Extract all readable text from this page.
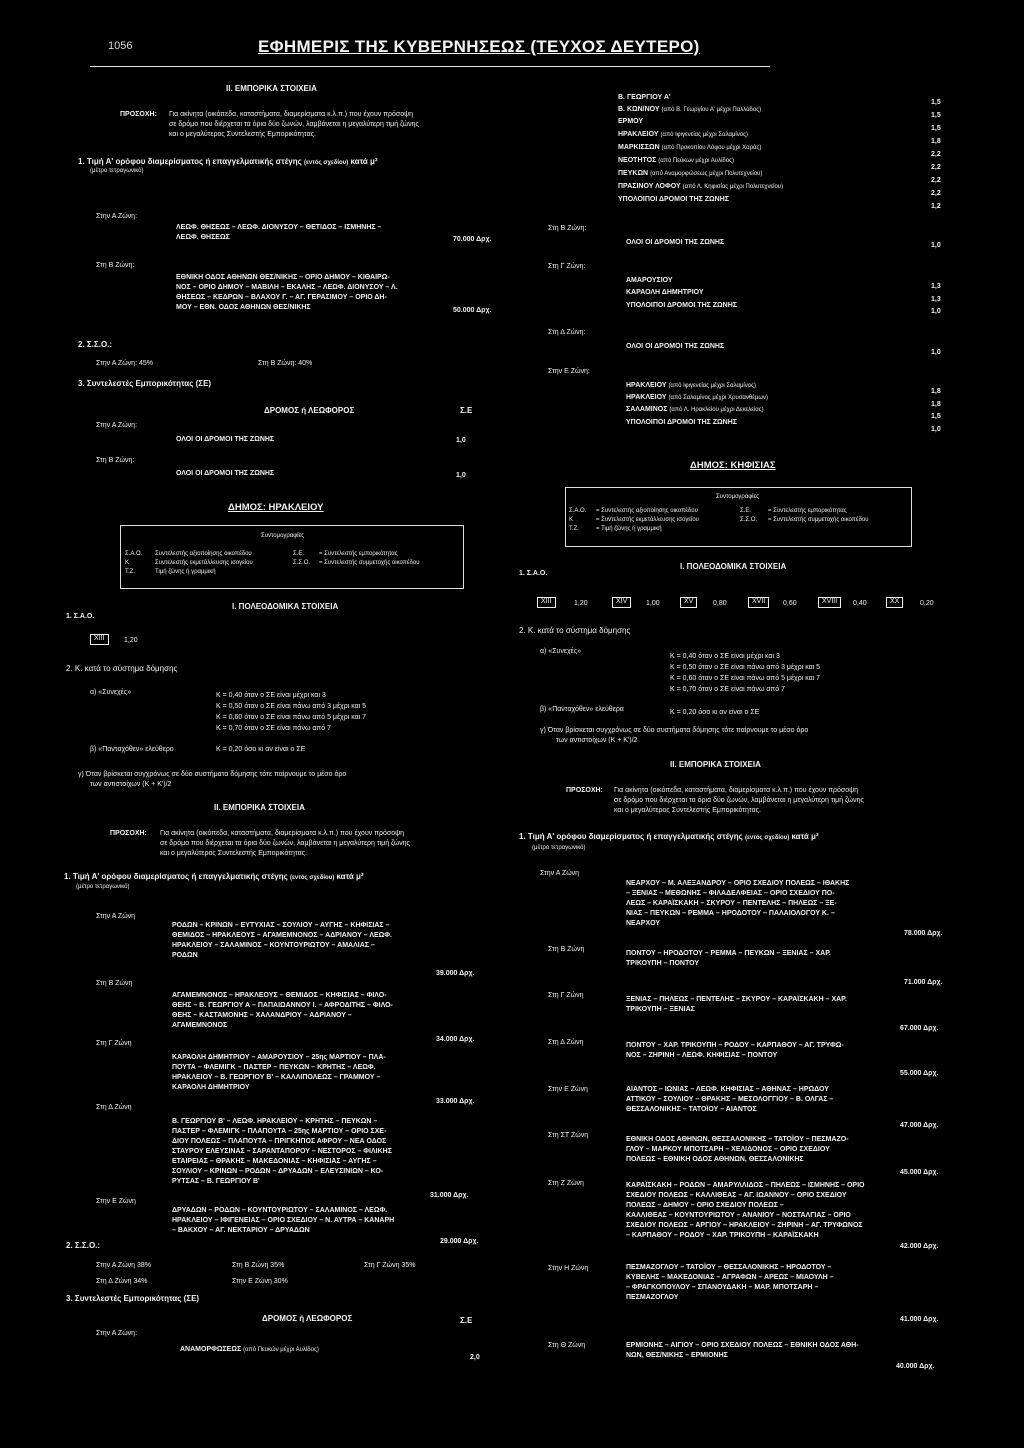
1056	ΕΦΗΜΕΡΙΣ ΤΗΣ ΚΥΒΕΡΝΗΣΕΩΣ (ΤΕΥΧΟΣ ΔΕΥΤΕΡΟ)
II. ΕΜΠΟΡΙΚΑ ΣΤΟΙΧΕΙΑ
ΠΡΟΣΟΧΗ: Για ακίνητα (οικόπεδα, καταστήματα, διαμερίσματα κ.λ.π.) που έχουν πρόσοψη
σε δρόμο που διέρχεται τα όρια δύο ζωνών, λαμβάνεται η μεγαλύτερη τιμή ζώνης
και ο μεγαλύτερος Συντελεστής Εμπορικότητας.
1. Τιμή Α' ορόφου διαμερίσματος ή επαγγελματικής στέγης (εντός σχεδίου) κατά μ²
(μέτρο τετραγωνικό)
Στην Α Ζώνη:
ΛΕΩΦ. ΘΗΣΕΩΣ – ΛΕΩΦ. ΔΙΟΝΥΣΟΥ – ΘΕΤΙΔΟΣ – ΙΣΜΗΝΗΣ –
ΛΕΩΦ. ΘΗΣΕΩΣ	70.000 Δρχ.
Στη Β Ζώνη:
ΕΘΝΙΚΗ ΟΔΟΣ ΑΘΗΝΩΝ ΘΕΣ/ΝΙΚΗΣ – ΟΡΙΟ ΔΗΜΟΥ – ΚΙΘΑΙΡΩ-
ΝΟΣ – ΟΡΙΟ ΔΗΜΟΥ – ΜΑΒΙΛΗ – ΕΚΑΛΗΣ – ΛΕΩΦ. ΔΙΟΝΥΣΟΥ – Λ.
ΘΗΣΕΩΣ – ΚΕΔΡΩΝ – ΒΛΑΧΟΥ Γ. – ΑΓ. ΓΕΡΑΣΙΜΟΥ – ΟΡΙΟ ΔΗ-
ΜΟΥ – ΕΘΝ. ΟΔΟΣ ΑΘΗΝΩΝ ΘΕΣ/ΝΙΚΗΣ	50.000 Δρχ.
2. Σ.Σ.Ο.:
Στην Α Ζώνη: 45%	Στη Β Ζώνη: 40%
3. Συντελεστές Εμπορικότητας (ΣΕ)
ΔΡΟΜΟΣ ή ΛΕΩΦΟΡΟΣ	Σ.Ε
Στην Α Ζώνη:
ΟΛΟΙ ΟΙ ΔΡΟΜΟΙ ΤΗΣ ΖΩΝΗΣ	1,0
Στη Β Ζώνη:
ΟΛΟΙ ΟΙ ΔΡΟΜΟΙ ΤΗΣ ΖΩΝΗΣ	1,0
ΔΗΜΟΣ: ΗΡΑΚΛΕΙΟΥ
Συντομογραφίες
Σ.Α.Ο. Συντελεστής αξιοποίησης οικοπέδου	Σ.Ε. = Συντελεστής εμπορικότητας
Κ	Συντελεστής εκμετάλλευσης ισογείου	Σ.Σ.Ο. = Συντελεστής συμμετοχής οικοπέδου
Τ.Ζ.	Τιμή ζώνης ή γραμμική
I. ΠΟΛΕΟΔΟΜΙΚΑ ΣΤΟΙΧΕΙΑ
1. Σ.Α.Ο.
XIII	1,20
2. Κ. κατά το σύστημα δόμησης
α) «Συνεχές»	Κ = 0,40 όταν ο ΣΕ είναι μέχρι και 3
Κ = 0,50 όταν ο ΣΕ είναι πάνω από 3 μέχρι και 5
Κ = 0,60 όταν ο ΣΕ είναι πάνω από 5 μέχρι και 7
Κ = 0,70 όταν ο ΣΕ είναι πάνω από 7
β) «Πανταχόθεν» ελεύθερο	Κ = 0,20 όσο κι αν είναι ο ΣΕ
γ) Όταν βρίσκεται συγχρόνως σε δύο συστήματα δόμησης τότε παίρνουμε το μέσο όρο
των αντιστοίχων (Κ + Κ')/2
II. ΕΜΠΟΡΙΚΑ ΣΤΟΙΧΕΙΑ
ΠΡΟΣΟΧΗ: Για ακίνητα (οικόπεδα, καταστήματα, διαμερίσματα κ.λ.π.) που έχουν πρόσοψη
σε δρόμο που διέρχεται τα όρια δύο ζωνών, λαμβάνεται η μεγαλύτερη τιμή ζώνης
και ο μεγαλύτερος Συντελεστής Εμπορικότητας.
1. Τιμή Α' ορόφου διαμερίσματος ή επαγγελματικής στέγης (εντός σχεδίου) κατά μ²
(μέτρο τετραγωνικό)
Στην Α Ζώνη
ΡΟΔΩΝ – ΚΡΙΝΩΝ – ΕΥΤΥΧΙΑΣ – ΣΟΥΛΙΟΥ – ΑΥΓΗΣ – ΚΗΦΙΣΙΑΣ –
ΘΕΜΙΔΟΣ – ΗΡΑΚΛΕΟΥΣ – ΑΓΑΜΕΜΝΟΝΟΣ – ΑΔΡΙΑΝΟΥ – ΛΕΩΦ.
ΗΡΑΚΛΕΙΟΥ – ΣΑΛΑΜΙΝΟΣ – ΚΟΥΝΤΟΥΡΙΩΤΟΥ – ΑΜΑΛΙΑΣ –
ΡΟΔΩΝ
39.000 Δρχ.
Στη Β Ζώνη
ΑΓΑΜΕΜΝΟΝΟΣ – ΗΡΑΚΛΕΟΥΣ – ΘΕΜΙΔΟΣ – ΚΗΦΙΣΙΑΣ – ΦΙΛΟ-
ΘΕΗΣ – Β. ΓΕΩΡΓΙΟΥ Α – ΠΑΠΑΙΩΑΝΝΟΥ Ι. – ΑΦΡΟΔΙΤΗΣ – ΦΙΛΟ-
ΘΕΗΣ – ΚΑΣΤΑΜΟΝΗΣ – ΧΑΛΑΝΔΡΙΟΥ – ΑΔΡΙΑΝΟΥ –
ΑΓΑΜΕΜΝΟΝΟΣ
34.000 Δρχ.
Στη Γ Ζώνη
ΚΑΡΑΟΛΗ ΔΗΜΗΤΡΙΟΥ – ΑΜΑΡΟΥΣΙΟΥ – 25ης ΜΑΡΤΙΟΥ – ΠΛΑ-
ΠΟΥΤΑ – ΦΛΕΜΙΓΚ – ΠΑΣΤΕΡ – ΠΕΥΚΩΝ – ΚΡΗΤΗΣ – ΛΕΩΦ.
ΗΡΑΚΛΕΙΟΥ – Β. ΓΕΩΡΓΙΟΥ Β' – ΚΑΛΛΙΠΟΛΕΩΣ – ΓΡΑΜΜΟΥ –
ΚΑΡΑΟΛΗ ΔΗΜΗΤΡΙΟΥ
33.000 Δρχ.
Στη Δ Ζώνη
Β. ΓΕΩΡΓΙΟΥ Β' – ΛΕΩΦ. ΗΡΑΚΛΕΙΟΥ – ΚΡΗΤΗΣ – ΠΕΥΚΩΝ –
ΠΑΣΤΕΡ – ΦΛΕΜΙΓΚ – ΠΛΑΠΟΥΤΑ – 25ης ΜΑΡΤΙΟΥ – ΟΡΙΟ ΣΧΕ-
ΔΙΟΥ ΠΟΛΕΩΣ – ΠΛΑΠΟΥΤΑ – ΠΡΙΓΚΗΠΟΣ ΑΦΡΟΥ – ΝΕΑ ΟΔΟΣ
ΣΤΑΥΡΟΥ ΕΛΕΥΣΙΝΑΣ – ΣΑΡΑΝΤΑΠΟΡΟΥ – ΝΕΣΤΟΡΟΣ – ΦΙΛΙΚΗΣ
ΕΤΑΙΡΕΙΑΣ – ΘΡΑΚΗΣ – ΜΑΚΕΔΟΝΙΑΣ – ΚΗΦΙΣΙΑΣ – ΑΥΓΗΣ –
ΣΟΥΛΙΟΥ – ΚΡΙΝΩΝ – ΡΟΔΩΝ – ΔΡΥΑΔΩΝ – ΕΛΕΥΣΙΝΙΩΝ – ΚΟ-
ΡΥΤΣΑΣ – Β. ΓΕΩΡΓΙΟΥ Β'
31.000 Δρχ.
Στην Ε Ζώνη
ΔΡΥΑΔΩΝ – ΡΟΔΩΝ – ΚΟΥΝΤΟΥΡΙΩΤΟΥ – ΣΑΛΑΜΙΝΟΣ – ΛΕΩΦ.
ΗΡΑΚΛΕΙΟΥ – ΙΦΙΓΕΝΕΙΑΣ – ΟΡΙΟ ΣΧΕΔΙΟΥ – Ν. ΑΥΤΡΑ – ΚΑΝΑΡΗ
– ΒΑΚΧΟΥ – ΑΓ. ΝΕΚΤΑΡΙΟΥ – ΔΡΥΑΔΩΝ
29.000 Δρχ.
2. Σ.Σ.Ο.:
Στην Α Ζώνη 38%	Στη Β Ζώνη 35%	Στη Γ Ζώνη 35%
Στη Δ Ζώνη 34%	Στην Ε Ζώνη 30%
3. Συντελεστές Εμπορικότητας (ΣΕ)
ΔΡΟΜΟΣ ή ΛΕΩΦΟΡΟΣ	Σ.Ε
Στην Α Ζώνη:
ΑΝΑΜΟΡΦΩΣΕΩΣ (από Πευκών μέχρι Αυλίδος)
2,0
Β. ΓΕΩΡΓΙΟΥ Α'
1,5
Β. ΚΩΝ/ΝΟΥ (από Β. Γεωργίου Α' μέχρι Παλλάδος)
1,5
ΕΡΜΟΥ
1,5
ΗΡΑΚΛΕΙΟΥ (από Ιφιγενείας μέχρι Σαλαμίνος)
1,8
ΜΑΡΚΙΣΣΩΝ (από Προκοπίου Λόφου μέχρι Χαράς)
2,2
ΝΕΟΤΗΤΟΣ (από Πεύκων μέχρι Αυλίδος)
2,2
ΠΕΥΚΩΝ (από Αναμορφώσεως μέχρι Πολυτεχνείου)
2,2
ΠΡΑΣΙΝΟΥ ΛΟΦΟΥ (από Λ. Κηφισίας μέχρι Πολυτεχνείου)
2,2
ΥΠΟΛΟΙΠΟΙ ΔΡΟΜΟΙ ΤΗΣ ΖΩΝΗΣ
1,2
Στη Β Ζώνη:
ΟΛΟΙ ΟΙ ΔΡΟΜΟΙ ΤΗΣ ΖΩΝΗΣ	1,0
Στη Γ Ζώνη:
ΑΜΑΡΟΥΣΙΟΥ
1,3
ΚΑΡΑΟΛΗ ΔΗΜΗΤΡΙΟΥ
1,3
ΥΠΟΛΟΙΠΟΙ ΔΡΟΜΟΙ ΤΗΣ ΖΩΝΗΣ
1,0
Στη Δ Ζώνη:
ΟΛΟΙ ΟΙ ΔΡΟΜΟΙ ΤΗΣ ΖΩΝΗΣ
1,0
Στην Ε Ζώνη:
ΗΡΑΚΛΕΙΟΥ (από Ιφιγενείας μέχρι Σαλαμίνος)
1,8
ΗΡΑΚΛΕΙΟΥ (από Σαλαμίνος μέχρι Χρυσανθέμων)
1,8
ΣΑΛΑΜΙΝΟΣ (από Λ. Ηρακλείου μέχρι Δεκελείας)
1,5
ΥΠΟΛΟΙΠΟΙ ΔΡΟΜΟΙ ΤΗΣ ΖΩΝΗΣ
1,0
ΔΗΜΟΣ: ΚΗΦΙΣΙΑΣ
Συντομογραφίες
Σ.Α.Ο. = Συντελεστής αξιοποίησης οικοπέδου	Σ.Ε.	= Συντελεστής εμπορικότητας
Κ	= Συντελεστής εκμετάλλευσης ισογείου	Σ.Σ.Ο. = Συντελεστής συμμετοχής οικοπέδου
Τ.Ζ.	= Τιμή ζώνης ή γραμμική
I. ΠΟΛΕΟΔΟΜΙΚΑ ΣΤΟΙΧΕΙΑ
1. Σ.Α.Ο.
XIII	1,20	XIV	1,00	XV	0,80	XVII	0,60	XVIII	0,40	XX	0,20
2. Κ. κατά το σύστημα δόμησης
α) «Συνεχές»
Κ = 0,40 όταν ο ΣΕ είναι μέχρι και 3
Κ = 0,50 όταν ο ΣΕ είναι πάνω από 3 μέχρι και 5
Κ = 0,60 όταν ο ΣΕ είναι πάνω από 5 μέχρι και 7
Κ = 0,70 όταν ο ΣΕ είναι πάνω από 7
β) «Πανταχόθεν» ελεύθερα	Κ = 0,20 όσο κι αν είναι ο ΣΕ
γ) Όταν βρίσκεται συγχρόνως σε δύο συστήματα δόμησης τότε παίρνουμε το μέσο όρο
των αντιστοίχων (Κ + Κ')/2
II. ΕΜΠΟΡΙΚΑ ΣΤΟΙΧΕΙΑ
ΠΡΟΣΟΧΗ: Για ακίνητα (οικόπεδα, καταστήματα, διαμερίσματα κ.λ.π.) που έχουν πρόσοψη
σε δρόμο που διέρχεται τα όρια δύο ζωνών, λαμβάνεται η μεγαλύτερη τιμή ζώνης
και ο μεγαλύτερος Συντελεστής Εμπορικότητας.
1. Τιμή Α' ορόφου διαμερίσματος ή επαγγελματικής στέγης (εντός σχεδίου) κατά μ²
(μέτρο τετραγωνικό)
Στην Α Ζώνη
ΝΕΑΡΧΟΥ – Μ. ΑΛΕΞΑΝΔΡΟΥ – ΟΡΙΟ ΣΧΕΔΙΟΥ ΠΟΛΕΩΣ – ΙΘΑΚΗΣ
– ΞΕΝΙΑΣ – ΜΕΘΩΝΗΣ – ΦΙΛΑΔΕΛΦΕΙΑΣ – ΟΡΙΟ ΣΧΕΔΙΟΥ ΠΟ-
ΛΕΩΣ – ΚΑΡΑΪΣΚΑΚΗ – ΣΚΥΡΟΥ – ΠΕΝΤΕΛΗΣ – ΠΗΛΕΩΣ – ΞΕ-
ΝΙΑΣ – ΠΕΥΚΩΝ – ΡΕΜΜΑ – ΗΡΟΔΟΤΟΥ – ΠΑΛΑΙΟΛΟΓΟΥ Κ. –
ΝΕΑΡΧΟΥ
78.000 Δρχ.
Στη Β Ζώνη
ΠΟΝΤΟΥ – ΗΡΟΔΟΤΟΥ – ΡΕΜΜΑ – ΠΕΥΚΩΝ – ΞΕΝΙΑΣ – ΧΑΡ.
ΤΡΙΚΟΥΠΗ – ΠΟΝΤΟΥ
71.000 Δρχ.
Στη Γ Ζώνη
ΞΕΝΙΑΣ – ΠΗΛΕΩΣ – ΠΕΝΤΕΛΗΣ – ΣΚΥΡΟΥ – ΚΑΡΑΪΣΚΑΚΗ – ΧΑΡ.
ΤΡΙΚΟΥΠΗ – ΞΕΝΙΑΣ
67.000 Δρχ.
Στη Δ Ζώνη	ΠΟΝΤΟΥ – ΧΑΡ. ΤΡΙΚΟΥΠΗ – ΡΟΔΟΥ – ΚΑΡΠΑΘΟΥ – ΑΓ. ΤΡΥΦΩ-
ΝΟΣ – ΖΗΡΙΝΗ – ΛΕΩΦ. ΚΗΦΙΣΙΑΣ – ΠΟΝΤΟΥ
55.000 Δρχ.
Στην Ε Ζώνη	ΑΙΑΝΤΟΣ – ΙΩΝΙΑΣ – ΛΕΩΦ. ΚΗΦΙΣΙΑΣ – ΑΘΗΝΑΣ – ΗΡΩΔΟΥ
ΑΤΤΙΚΟΥ – ΣΟΥΛΙΟΥ – ΘΡΑΚΗΣ – ΜΕΣΟΛΟΓΓΙΟΥ – Β. ΟΛΓΑΣ –
ΘΕΣΣΑΛΟΝΙΚΗΣ – ΤΑΤΟΪΟΥ – ΑΙΑΝΤΟΣ
47.000 Δρχ.
Στη ΣΤ Ζώνη
ΕΘΝΙΚΗ ΟΔΟΣ ΑΘΗΝΩΝ, ΘΕΣΣΑΛΟΝΙΚΗΣ – ΤΑΤΟΪΟΥ – ΠΕΣΜΑΖΟ-
ΓΛΟΥ – ΜΑΡΚΟΥ ΜΠΟΤΣΑΡΗ – ΧΕΛΙΔΟΝΟΣ – ΟΡΙΟ ΣΧΕΔΙΟΥ
ΠΟΛΕΩΣ – ΕΘΝΙΚΗ ΟΔΟΣ ΑΘΗΝΩΝ, ΘΕΣΣΑΛΟΝΙΚΗΣ
45.000 Δρχ.
Στη Ζ Ζώνη	ΚΑΡΑΪΣΚΑΚΗ – ΡΟΔΩΝ – ΑΜΑΡΥΛΛΙΔΟΣ – ΠΗΛΕΩΣ – ΙΣΜΗΝΗΣ – ΟΡΙΟ
ΣΧΕΔΙΟΥ ΠΟΛΕΩΣ – ΚΑΛΛΙΘΕΑΣ – ΑΓ. ΙΩΑΝΝΟΥ – ΟΡΙΟ ΣΧΕΔΙΟΥ
ΠΟΛΕΩΣ – ΔΗΜΟΥ – ΟΡΙΟ ΣΧΕΔΙΟΥ ΠΟΛΕΩΣ –
ΚΑΛΛΙΘΕΑΣ – ΚΟΥΝΤΟΥΡΙΩΤΟΥ – ΑΝΑΝΙΟΥ – ΝΟΣΤΑΛΓΙΑΣ – ΟΡΙΟ
ΣΧΕΔΙΟΥ ΠΟΛΕΩΣ – ΑΡΓΙΟΥ – ΗΡΑΚΛΕΙΟΥ – ΖΗΡΙΝΗ – ΑΓ. ΤΡΥΦΩΝΟΣ
– ΚΑΡΠΑΘΟΥ – ΡΟΔΟΥ – ΧΑΡ. ΤΡΙΚΟΥΠΗ – ΚΑΡΑΪΣΚΑΚΗ
42.000 Δρχ.
Στην Η Ζώνη	ΠΕΣΜΑΖΟΓΛΟΥ – ΤΑΤΟΪΟΥ – ΘΕΣΣΑΛΟΝΙΚΗΣ – ΗΡΟΔΟΤΟΥ –
ΚΥΒΕΛΗΣ – ΜΑΚΕΔΟΝΙΑΣ – ΑΓΡΑΦΩΝ – ΑΡΕΩΣ – ΜΙΑΟΥΛΗ –
– ΦΡΑΓΚΟΠΟΥΛΟΥ – ΣΠΑΝΟΥΔΑΚΗ – ΜΑΡ. ΜΠΟΤΣΑΡΗ –
ΠΕΣΜΑΖΟΓΛΟΥ
41.000 Δρχ.
Στη Θ Ζώνη	ΕΡΜΙΟΝΗΣ – ΑΙΓΙΟΥ – ΟΡΙΟ ΣΧΕΔΙΟΥ ΠΟΛΕΩΣ – ΕΘΝΙΚΗ ΟΔΟΣ ΑΘΗ-
ΝΩΝ, ΘΕΣ/ΝΙΚΗΣ – ΕΡΜΙΟΝΗΣ
40.000 Δρχ.
